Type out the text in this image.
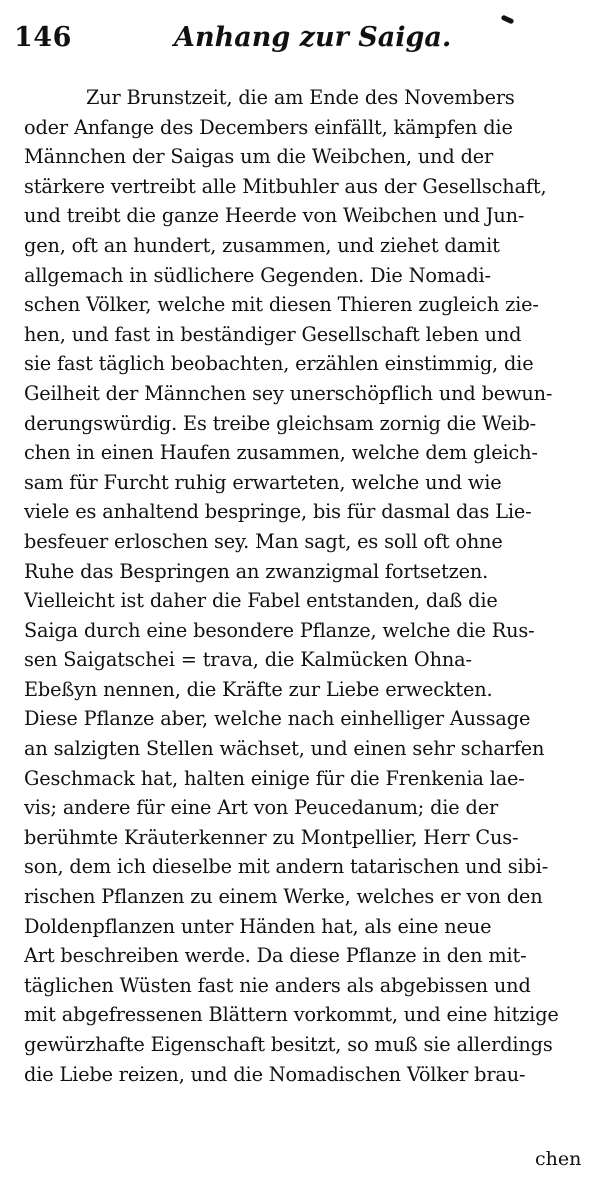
146	Anhang zur Saiga.
Zur Brunstzeit, die am Ende des Novembers
oder Anfange des Decembers einfällt, kämpfen die
Männchen der Saigas um die Weibchen, und der
stärkere vertreibt alle Mitbuhler aus der Gesellschaft,
und treibt die ganze Heerde von Weibchen und Jun-
gen, oft an hundert, zusammen, und ziehet damit
allgemach in südlichere Gegenden. Die Nomadi-
schen Völker, welche mit diesen Thieren zugleich zie-
hen, und fast in beständiger Gesellschaft leben und
sie fast täglich beobachten, erzählen einstimmig, die
Geilheit der Männchen sey unerschöpflich und bewun-
derungswürdig. Es treibe gleichsam zornig die Weib-
chen in einen Haufen zusammen, welche dem gleich-
sam für Furcht ruhig erwarteten, welche und wie
viele es anhaltend bespringe, bis für dasmal das Lie-
besfeuer erloschen sey. Man sagt, es soll oft ohne
Ruhe das Bespringen an zwanzigmal fortsetzen.
Vielleicht ist daher die Fabel entstanden, daß die
Saiga durch eine besondere Pflanze, welche die Rus-
sen Saigatschei = trava, die Kalmücken Ohna-
Ebeßyn nennen, die Kräfte zur Liebe erweckten.
Diese Pflanze aber, welche nach einhelliger Aussage
an salzigten Stellen wächset, und einen sehr scharfen
Geschmack hat, halten einige für die Frenkenia lae-
vis; andere für eine Art von Peucedanum; die der
berühmte Kräuterkenner zu Montpellier, Herr Cus-
son, dem ich dieselbe mit andern tatarischen und sibi-
rischen Pflanzen zu einem Werke, welches er von den
Doldenpflanzen unter Händen hat, als eine neue
Art beschreiben werde. Da diese Pflanze in den mit-
täglichen Wüsten fast nie anders als abgebissen und
mit abgefressenen Blättern vorkommt, und eine hitzige
gewürzhafte Eigenschaft besitzt, so muß sie allerdings
die Liebe reizen, und die Nomadischen Völker brau-
chen
